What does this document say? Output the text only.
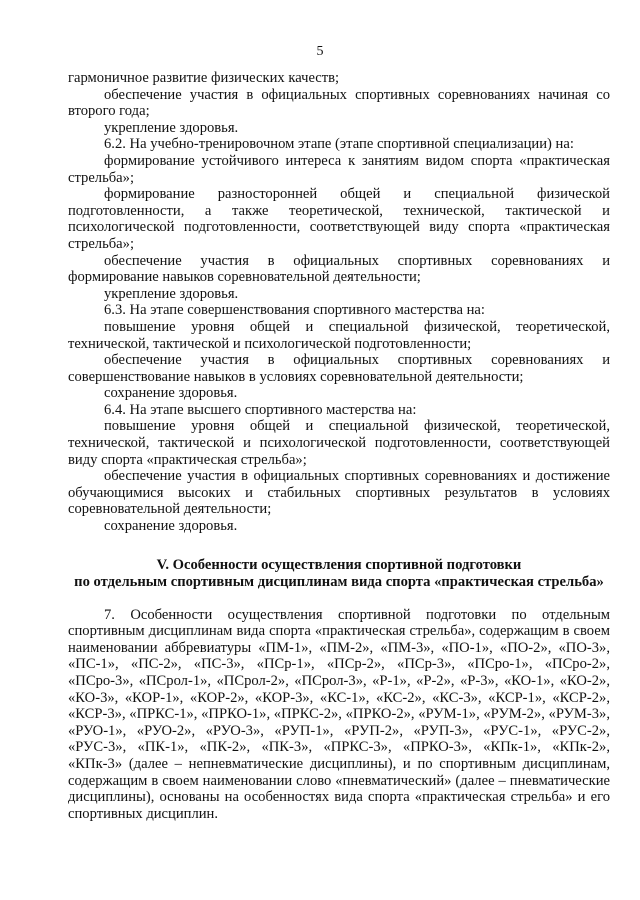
5

гармоничное развитие физических качеств;

обеспечение участия в официальных спортивных соревнованиях начиная со второго года;

укрепление здоровья.

6.2. На учебно-тренировочном этапе (этапе спортивной специализации) на:

формирование устойчивого интереса к занятиям видом спорта «практическая стрельба»;

формирование разносторонней общей и специальной физической подготовленности, а также теоретической, технической, тактической и психологической подготовленности, соответствующей виду спорта «практическая стрельба»;

обеспечение участия в официальных спортивных соревнованиях и формирование навыков соревновательной деятельности;

укрепление здоровья.

6.3. На этапе совершенствования спортивного мастерства на:

повышение уровня общей и специальной физической, теоретической, технической, тактической и психологической подготовленности;

обеспечение участия в официальных спортивных соревнованиях и совершенствование навыков в условиях соревновательной деятельности;

сохранение здоровья.

6.4. На этапе высшего спортивного мастерства на:

повышение уровня общей и специальной физической, теоретической, технической, тактической и психологической подготовленности, соответствующей виду спорта «практическая стрельба»;

обеспечение участия в официальных спортивных соревнованиях и достижение обучающимися высоких и стабильных спортивных результатов в условиях соревновательной деятельности;

сохранение здоровья.

V. Особенности осуществления спортивной подготовки
по отдельным спортивным дисциплинам вида спорта «практическая стрельба»

7. Особенности осуществления спортивной подготовки по отдельным спортивным дисциплинам вида спорта «практическая стрельба», содержащим в своем наименовании аббревиатуры «ПМ-1», «ПМ-2», «ПМ-3», «ПО-1», «ПО-2», «ПО-3», «ПС-1», «ПС-2», «ПС-3», «ПСр-1», «ПСр-2», «ПСр-3», «ПСро-1», «ПСро-2», «ПСро-3», «ПСрол-1», «ПСрол-2», «ПСрол-3», «Р-1», «Р-2», «Р-3», «КО-1», «КО-2», «КО-3», «КОР-1», «КОР-2», «КОР-3», «КС-1», «КС-2», «КС-3», «КСР-1», «КСР-2», «КСР-3», «ПРКС-1», «ПРКО-1», «ПРКС-2», «ПРКО-2», «РУМ-1», «РУМ-2», «РУМ-3», «РУО-1», «РУО-2», «РУО-3», «РУП-1», «РУП-2», «РУП-3», «РУС-1», «РУС-2», «РУС-3», «ПК-1», «ПК-2», «ПК-3», «ПРКС-3», «ПРКО-3», «КПк-1», «КПк-2», «КПк-3» (далее – непневматические дисциплины), и по спортивным дисциплинам, содержащим в своем наименовании слово «пневматический» (далее – пневматические дисциплины), основаны на особенностях вида спорта «практическая стрельба» и его спортивных дисциплин.
